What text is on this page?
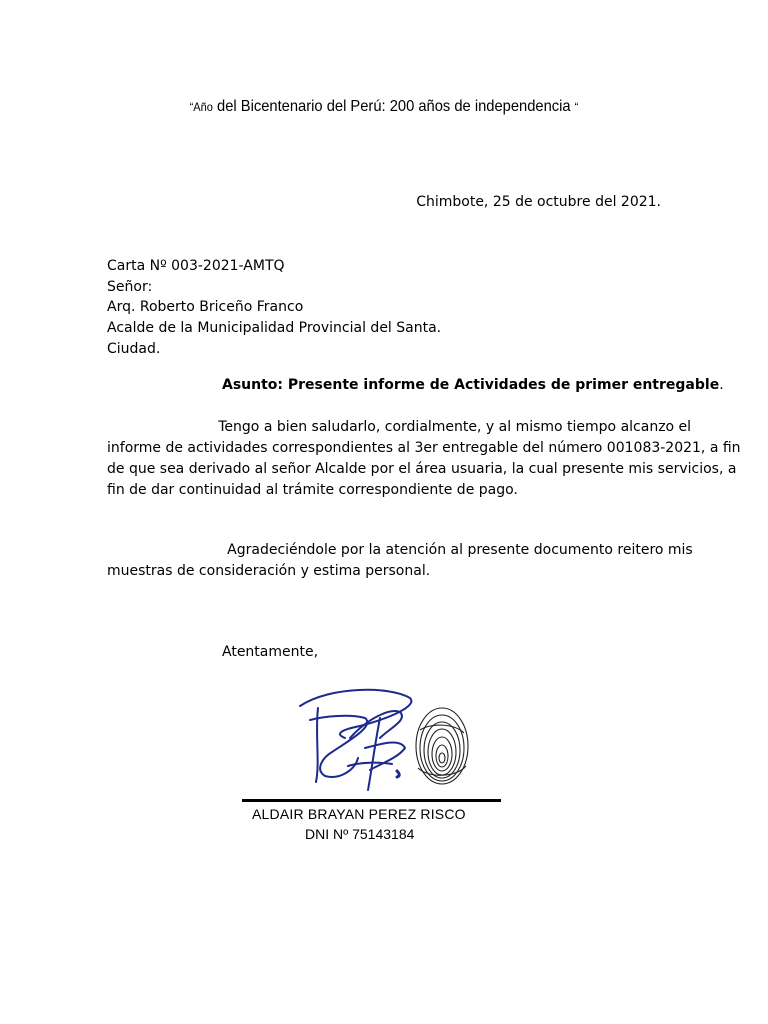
“Año del Bicentenario del Perú: 200 años de independencia “
Chimbote, 25 de octubre del 2021.
Carta Nº 003-2021-AMTQ
Señor:
Arq. Roberto Briceño Franco
Acalde de la Municipalidad Provincial del Santa.
Ciudad.
Asunto: Presente informe de Actividades de primer entregable.
Tengo a bien saludarlo, cordialmente, y al mismo tiempo alcanzo el
informe de actividades correspondientes al 3er entregable del número 001083-2021, a fin
de que sea derivado al señor Alcalde por el área usuaria, la cual presente mis servicios, a
fin de dar continuidad al trámite correspondiente de pago.
Agradeciéndole por la atención al presente documento reitero mis
muestras de consideración y estima personal.
Atentamente,
ALDAIR BRAYAN PEREZ RISCO
DNI Nº 75143184
